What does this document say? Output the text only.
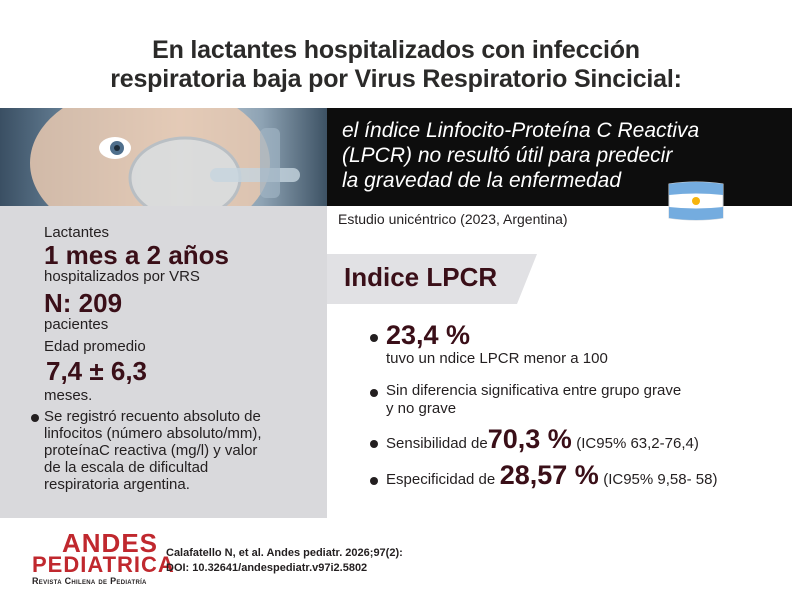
En lactantes hospitalizados con infección
respiratoria baja por Virus Respiratorio Sincicial:
el índice Linfocito-Proteína C Reactiva
(LPCR) no resultó útil para predecir
la gravedad de la enfermedad
Estudio unicéntrico (2023, Argentina)
Lactantes
1 mes a 2 años
hospitalizados por VRS
N: 209
pacientes
Edad promedio
7,4 ± 6,3
meses.
Se registró recuento absoluto de
linfocitos (número absoluto/mm),
proteínaC reactiva (mg/l) y valor
de la escala de dificultad
respiratoria argentina.
Indice LPCR
23,4 %
tuvo un ndice LPCR menor a 100
Sin diferencia significativa entre grupo grave
y no grave
Sensibilidad de70,3 % (IC95% 63,2-76,4)
Especificidad de 28,57 % (IC95% 9,58- 58)
ANDES
PEDIATRICA
Revista Chilena de Pediatría
Calafatello N, et al. Andes pediatr. 2026;97(2):
DOI: 10.32641/andespediatr.v97i2.5802
